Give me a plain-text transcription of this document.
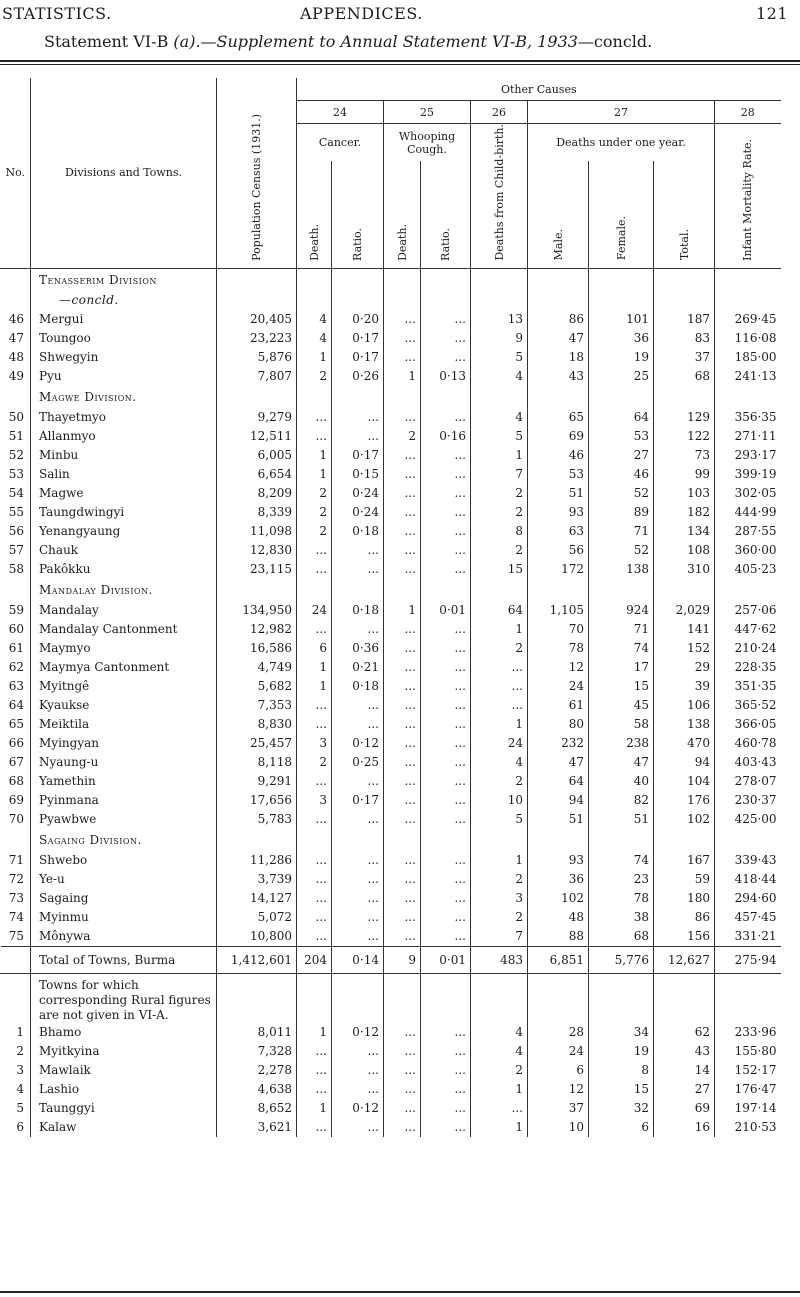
STATISTICS.	APPENDICES.	121
Statement VI-B (a).—Supplement to Annual Statement VI-B, 1933—concld.
No.	Divisions and Towns.	Population Census (1931.)	Other Causes								
			24		25		26	27			28
			Cancer.		Whooping Cough.		Deaths from Child-birth.	Deaths under one year.			Infant Mortality Rate.
			Death.	Ratio.	Death.	Ratio.		Male.	Female.	Total.	
	Tenasserim Division										
	—concld.										
46	Mergui	20,405	4	0·20	...	...	13	86	101	187	269·45
47	Toungoo	23,223	4	0·17	...	...	9	47	36	83	116·08
48	Shwegyin	5,876	1	0·17	...	...	5	18	19	37	185·00
49	Pyu	7,807	2	0·26	1	0·13	4	43	25	68	241·13
	Magwe Division.										
50	Thayetmyo	9,279	...	...	...	...	4	65	64	129	356·35
51	Allanmyo	12,511	...	...	2	0·16	5	69	53	122	271·11
52	Minbu	6,005	1	0·17	...	...	1	46	27	73	293·17
53	Salin	6,654	1	0·15	...	...	7	53	46	99	399·19
54	Magwe	8,209	2	0·24	...	...	2	51	52	103	302·05
55	Taungdwingyi	8,339	2	0·24	...	...	2	93	89	182	444·99
56	Yenangyaung	11,098	2	0·18	...	...	8	63	71	134	287·55
57	Chauk	12,830	...	...	...	...	2	56	52	108	360·00
58	Pakôkku	23,115	...	...	...	...	15	172	138	310	405·23
	Mandalay Division.										
59	Mandalay	134,950	24	0·18	1	0·01	64	1,105	924	2,029	257·06
60	Mandalay Cantonment	12,982	...	...	...	...	1	70	71	141	447·62
61	Maymyo	16,586	6	0·36	...	...	2	78	74	152	210·24
62	Maymya Cantonment	4,749	1	0·21	...	...	...	12	17	29	228·35
63	Myitngê	5,682	1	0·18	...	...	...	24	15	39	351·35
64	Kyaukse	7,353	...	...	...	...	...	61	45	106	365·52
65	Meiktila	8,830	...	...	...	...	1	80	58	138	366·05
66	Myingyan	25,457	3	0·12	...	...	24	232	238	470	460·78
67	Nyaung-u	8,118	2	0·25	...	...	4	47	47	94	403·43
68	Yamethin	9,291	...	...	...	...	2	64	40	104	278·07
69	Pyinmana	17,656	3	0·17	...	...	10	94	82	176	230·37
70	Pyawbwe	5,783	...	...	...	...	5	51	51	102	425·00
	Sagaing Division.										
71	Shwebo	11,286	...	...	...	...	1	93	74	167	339·43
72	Ye-u	3,739	...	...	...	...	2	36	23	59	418·44
73	Sagaing	14,127	...	...	...	...	3	102	78	180	294·60
74	Myinmu	5,072	...	...	...	...	2	48	38	86	457·45
75	Mônywa	10,800	...	...	...	...	7	88	68	156	331·21
	Total of Towns, Burma	1,412,601	204	0·14	9	0·01	483	6,851	5,776	12,627	275·94
	Towns for which corresponding Rural figures are not given in VI-A.										
1	Bhamo	8,011	1	0·12	...	...	4	28	34	62	233·96
2	Myitkyina	7,328	...	...	...	...	4	24	19	43	155·80
3	Mawlaik	2,278	...	...	...	...	2	6	8	14	152·17
4	Lashio	4,638	...	...	...	...	1	12	15	27	176·47
5	Taunggyi	8,652	1	0·12	...	...	...	37	32	69	197·14
6	Kalaw	3,621	...	...	...	...	1	10	6	16	210·53
